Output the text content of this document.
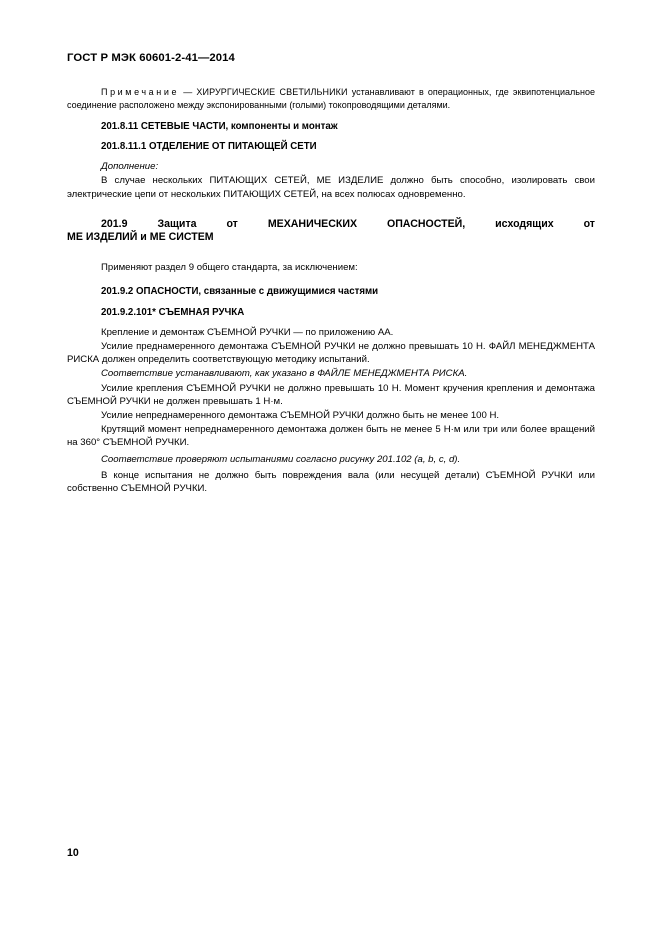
ГОСТ Р МЭК 60601-2-41—2014

Примечание — ХИРУРГИЧЕСКИЕ СВЕТИЛЬНИКИ устанавливают в операционных, где эквипотенциальное соединение расположено между экспонированными (голыми) токопроводящими деталями.

201.8.11 СЕТЕВЫЕ ЧАСТИ, компоненты и монтаж

201.8.11.1 ОТДЕЛЕНИЕ ОТ ПИТАЮЩЕЙ СЕТИ

Дополнение:

В случае нескольких ПИТАЮЩИХ СЕТЕЙ, МЕ ИЗДЕЛИЕ должно быть способно, изолировать свои электрические цепи от нескольких ПИТАЮЩИХ СЕТЕЙ, на всех полюсах одновременно.

201.9 Защита от МЕХАНИЧЕСКИХ ОПАСНОСТЕЙ, исходящих от
МЕ ИЗДЕЛИЙ и МЕ СИСТЕМ

Применяют раздел 9 общего стандарта, за исключением:

201.9.2 ОПАСНОСТИ, связанные с движущимися частями

201.9.2.101* СЪЕМНАЯ РУЧКА

Крепление и демонтаж СЪЕМНОЙ РУЧКИ — по приложению АА.

Усилие преднамеренного демонтажа СЪЕМНОЙ РУЧКИ не должно превышать 10 Н. ФАЙЛ МЕНЕДЖМЕНТА РИСКА должен определить соответствующую методику испытаний.

Соответствие устанавливают, как указано в ФАЙЛЕ МЕНЕДЖМЕНТА РИСКА.

Усилие крепления СЪЕМНОЙ РУЧКИ не должно превышать 10 Н. Момент кручения крепления и демонтажа СЪЕМНОЙ РУЧКИ не должен превышать 1 Н·м.

Усилие непреднамеренного демонтажа СЪЕМНОЙ РУЧКИ должно быть не менее 100 Н.

Крутящий момент непреднамеренного демонтажа должен быть не менее 5 Н·м или три или более вращений на 360° СЪЕМНОЙ РУЧКИ.

Соответствие проверяют испытаниями согласно рисунку 201.102 (a, b, c, d).

В конце испытания не должно быть повреждения вала (или несущей детали) СЪЕМНОЙ РУЧКИ или собственно СЪЕМНОЙ РУЧКИ.

10
